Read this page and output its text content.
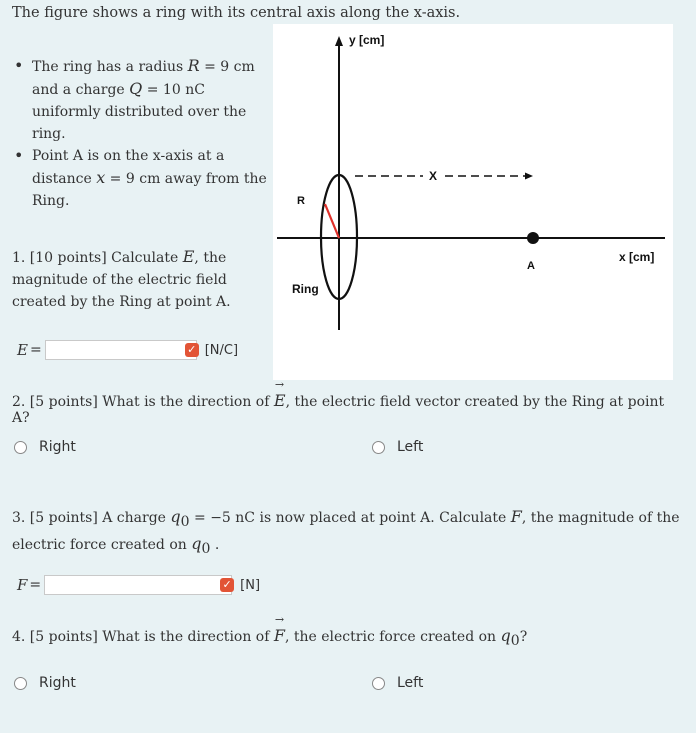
The figure shows a ring with its central axis along the x-axis.
y [cm]
x [cm]
X
R
A
Ring
• The ring has a radius R = 9 cm and a charge Q = 10 nC uniformly distributed over the ring.
• Point A is on the x-axis at a distance x = 9 cm away from the Ring.
1. [10 points] Calculate E, the magnitude of the electric field created by the Ring at point A.
E =	✓ [N/C]
2. [5 points] What is the direction of → E, the electric field vector created by the Ring at point A?
Right	Left
3. [5 points] A charge $q_0 = -5$ nC is now placed at point A. Calculate F, the magnitude of the electric force created on $q_0$ .
F =	✓ [N]
4. [5 points] What is the direction of → F, the electric force created on $q_0$?
Right	Left
